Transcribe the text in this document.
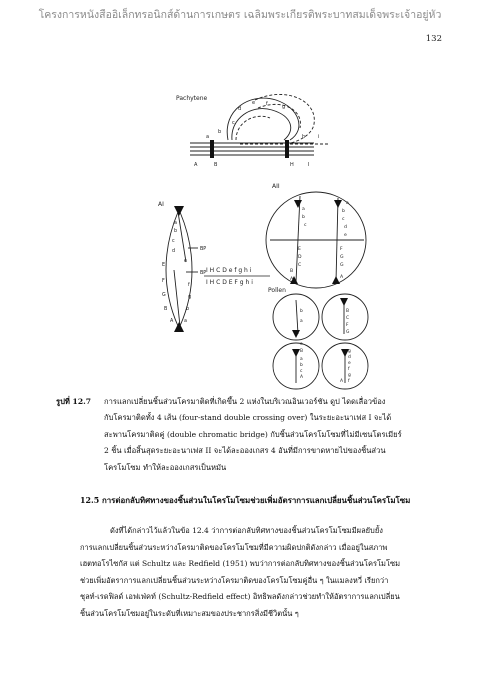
โครงการหนังสืออิเล็กทรอนิกส์ด้านการเกษตร เฉลิมพระเกียรติพระบาทสมเด็จพระเจ้าอยู่หัว
132
Pachytene
a
b
c
d
e f	g
h	i
A	B	H	I
AI
a
b
c
d
e
E
F
G
B
A
f
g
b
a
BP
BP I H C D e f g h i
I H C D E F g h i
AII
a
b
c
E
D
C
B
A
b
c
d
e
F
G
G
a
A
Pollen
b
a
B
C
F
G
a
b
c
d
e
f
g
A
B
e
f
g
A
รูปที่ 12.7 การแลกเปลี่ยนชิ้นส่วนโครมาติดที่เกิดขึ้น 2 แห่งในบริเวณอินเวอร์ชัน ดูป ไดดเลื่อวข้อง
กับโครมาติดทั้ง 4 เส้น (four-stand double crossing over) ในระยะอะนาเฟส I จะได้
สะพานโครมาติดคู่ (double chromatic bridge) กับชิ้นส่วนโครโมโซมที่ไม่มีเซนโตรเมียร์
2 ชิ้น เมื่อสิ้นสุดระยะอะนาเฟส II จะได้ละอองเกสร 4 อันที่มีการขาดหายไปของชิ้นส่วน
โครโมโซม ทำให้ละอองเกสรเป็นหมัน
12.5 การต่อกลับทิศทางของชิ้นส่วนในโครโมโซมช่วยเพิ่มอัตราการแลกเปลี่ยนชิ้นส่วนโครโมโซม
ดังที่ได้กล่าวไว้แล้วในข้อ 12.4 ว่าการต่อกลับทิศทางของชิ้นส่วนโครโมโซมมีผลยับยั้ง
การแลกเปลี่ยนชิ้นส่วนระหว่างโครมาติดของโครโมโซมที่มีความผิดปกติดังกล่าว เมื่ออยู่ในสภาพ
เฮตทอโรไซกัส แต่ Schultz และ Redfield (1951) พบว่าการต่อกลับทิศทางของชิ้นส่วนโครโมโซม
ช่วยเพิ่มอัตราการแลกเปลี่ยนชิ้นส่วนระหว่างโครมาติดของโครโมโซมคู่อื่น ๆ ในแมลงหวี่ เรียกว่า
ชุลท์-เรดฟิลด์ เอฟเฟ่คท์ (Schultz-Redfield effect) อิทธิพลดังกล่าวช่วยทำให้อัตราการแลกเปลี่ยน
ชิ้นส่วนโครโมโซมอยู่ในระดับที่เหมาะสมของประชากรสิ่งมีชีวิตนั้น ๆ
